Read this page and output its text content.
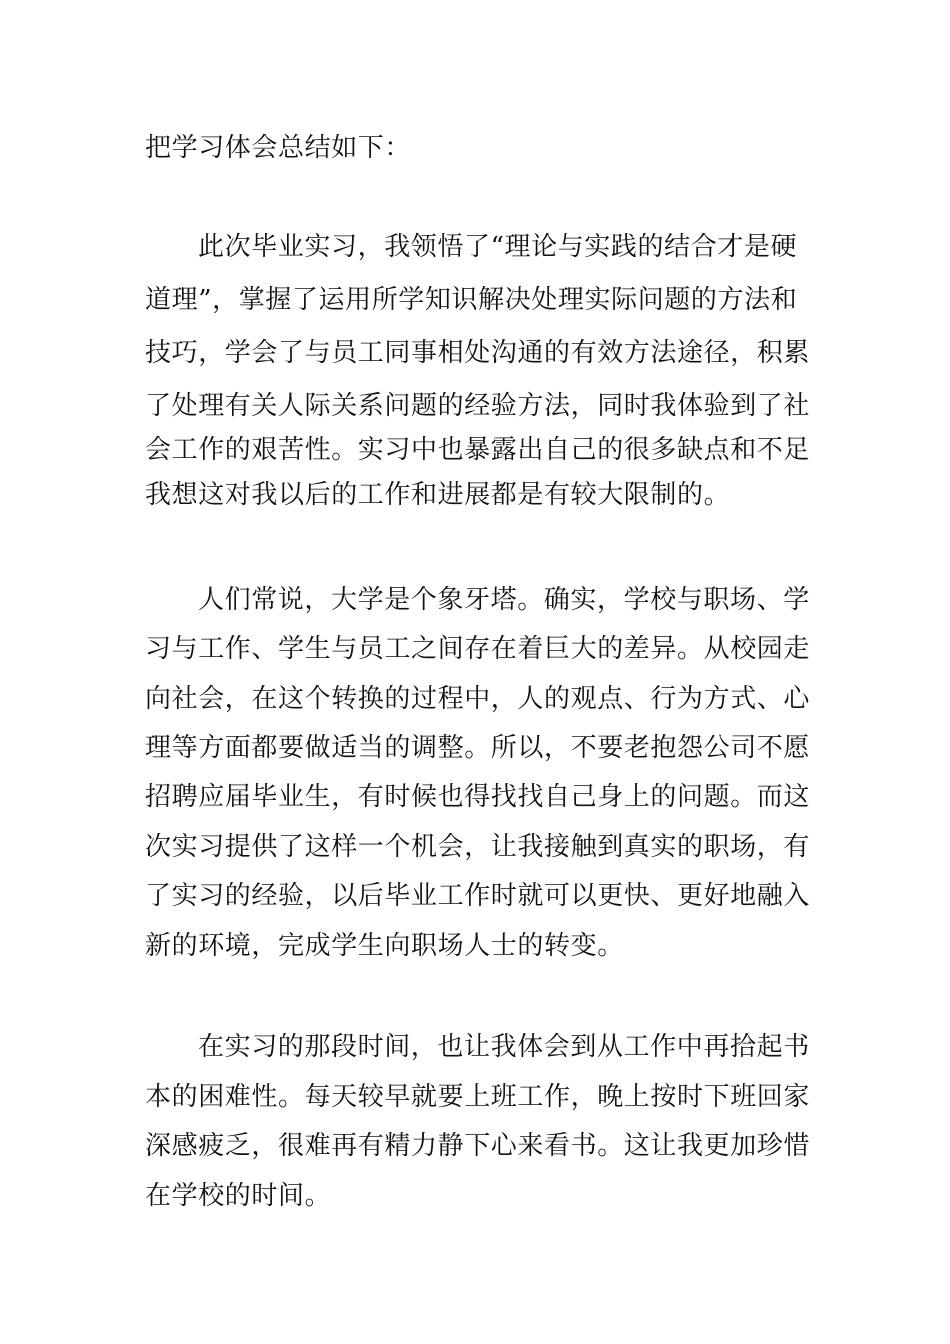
把学习体会总结如下：
此次毕业实习，我领悟了“理论与实践的结合才是硬
道理”，掌握了运用所学知识解决处理实际问题的方法和
技巧，学会了与员工同事相处沟通的有效方法途径，积累
了处理有关人际关系问题的经验方法，同时我体验到了社
会工作的艰苦性。实习中也暴露出自己的很多缺点和不足
我想这对我以后的工作和进展都是有较大限制的。
人们常说，大学是个象牙塔。确实，学校与职场、学
习与工作、学生与员工之间存在着巨大的差异。从校园走
向社会，在这个转换的过程中，人的观点、行为方式、心
理等方面都要做适当的调整。所以，不要老抱怨公司不愿
招聘应届毕业生，有时候也得找找自己身上的问题。而这
次实习提供了这样一个机会，让我接触到真实的职场，有
了实习的经验，以后毕业工作时就可以更快、更好地融入
新的环境，完成学生向职场人士的转变。
在实习的那段时间，也让我体会到从工作中再拾起书
本的困难性。每天较早就要上班工作，晚上按时下班回家
深感疲乏，很难再有精力静下心来看书。这让我更加珍惜
在学校的时间。
